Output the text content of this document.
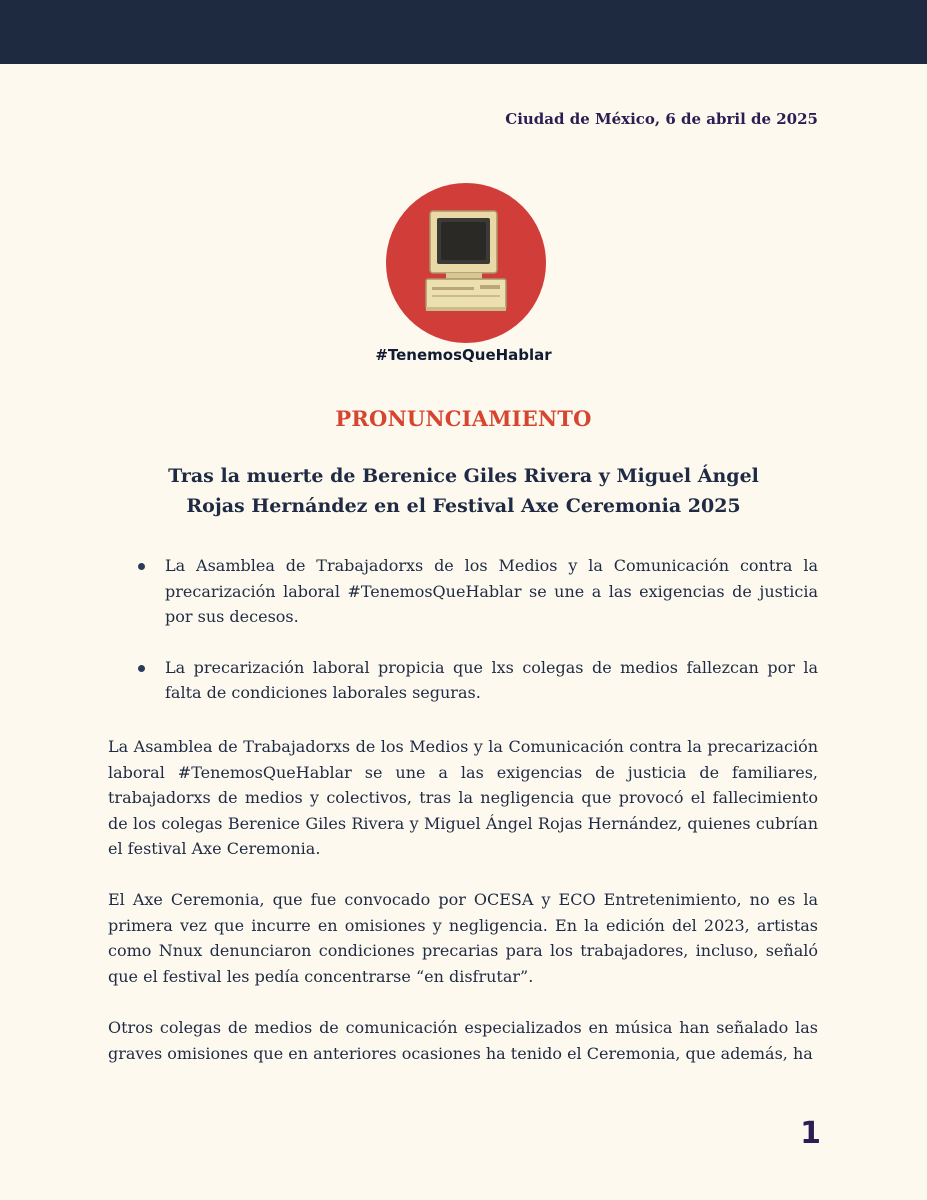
Ciudad de México, 6 de abril de 2025
#TenemosQueHablar
PRONUNCIAMIENTO
Tras la muerte de Berenice Giles Rivera y Miguel Ángel Rojas Hernández en el Festival Axe Ceremonia 2025
La Asamblea de Trabajadorxs de los Medios y la Comunicación contra la precarización laboral #TenemosQueHablar se une a las exigencias de justicia por sus decesos.
La precarización laboral propicia que lxs colegas de medios fallezcan por la falta de condiciones laborales seguras.

La Asamblea de Trabajadorxs de los Medios y la Comunicación contra la precarización laboral #TenemosQueHablar se une a las exigencias de justicia de familiares, trabajadorxs de medios y colectivos, tras la negligencia que provocó el fallecimiento de los colegas Berenice Giles Rivera y Miguel Ángel Rojas Hernández, quienes cubrían el festival Axe Ceremonia.

El Axe Ceremonia, que fue convocado por OCESA y ECO Entretenimiento, no es la primera vez que incurre en omisiones y negligencia. En la edición del 2023, artistas como Nnux denunciaron condiciones precarias para los trabajadores, incluso, señaló que el festival les pedía concentrarse “en disfrutar”.

Otros colegas de medios de comunicación especializados en música han señalado las graves omisiones que en anteriores ocasiones ha tenido el Ceremonia, que además, ha

1
